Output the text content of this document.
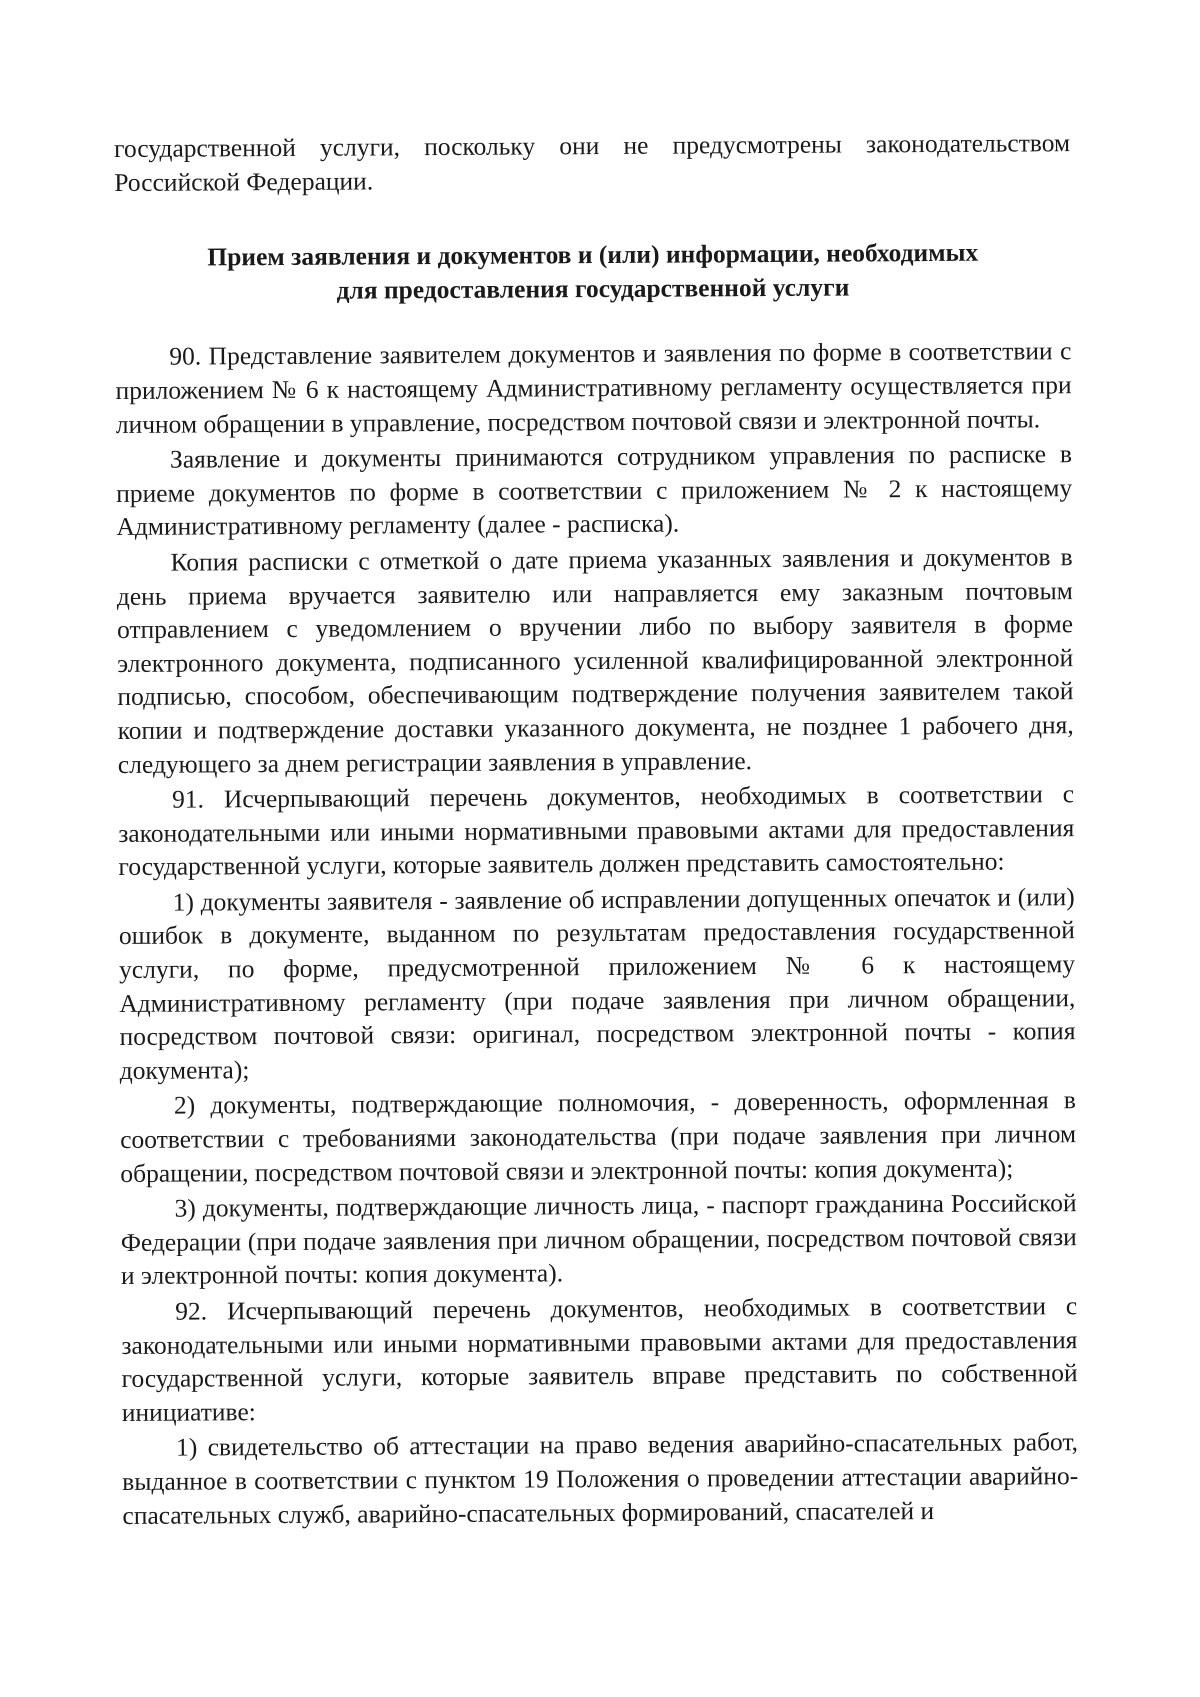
государственной услуги, поскольку они не предусмотрены законодательством Российской Федерации.

Прием заявления и документов и (или) информации, необходимых
для предоставления государственной услуги

90. Представление заявителем документов и заявления по форме в соответствии с приложением № 6 к настоящему Административному регламенту осуществляется при личном обращении в управление, посредством почтовой связи и электронной почты.

Заявление и документы принимаются сотрудником управления по расписке в приеме документов по форме в соответствии с приложением № 2 к настоящему Административному регламенту (далее - расписка).

Копия расписки с отметкой о дате приема указанных заявления и документов в день приема вручается заявителю или направляется ему заказным почтовым отправлением с уведомлением о вручении либо по выбору заявителя в форме электронного документа, подписанного усиленной квалифицированной электронной подписью, способом, обеспечивающим подтверждение получения заявителем такой копии и подтверждение доставки указанного документа, не позднее 1 рабочего дня, следующего за днем регистрации заявления в управление.

91. Исчерпывающий перечень документов, необходимых в соответствии с законодательными или иными нормативными правовыми актами для предоставления государственной услуги, которые заявитель должен представить самостоятельно:

1) документы заявителя - заявление об исправлении допущенных опечаток и (или) ошибок в документе, выданном по результатам предоставления государственной услуги, по форме, предусмотренной приложением № 6 к настоящему Административному регламенту (при подаче заявления при личном обращении, посредством почтовой связи: оригинал, посредством электронной почты - копия документа);

2) документы, подтверждающие полномочия, - доверенность, оформленная в соответствии с требованиями законодательства (при подаче заявления при личном обращении, посредством почтовой связи и электронной почты: копия документа);

3) документы, подтверждающие личность лица, - паспорт гражданина Российской Федерации (при подаче заявления при личном обращении, посредством почтовой связи и электронной почты: копия документа).

92. Исчерпывающий перечень документов, необходимых в соответствии с законодательными или иными нормативными правовыми актами для предоставления государственной услуги, которые заявитель вправе представить по собственной инициативе:

1) свидетельство об аттестации на право ведения аварийно-спасательных работ, выданное в соответствии с пунктом 19 Положения о проведении аттестации аварийно-спасательных служб, аварийно-спасательных формирований, спасателей и
